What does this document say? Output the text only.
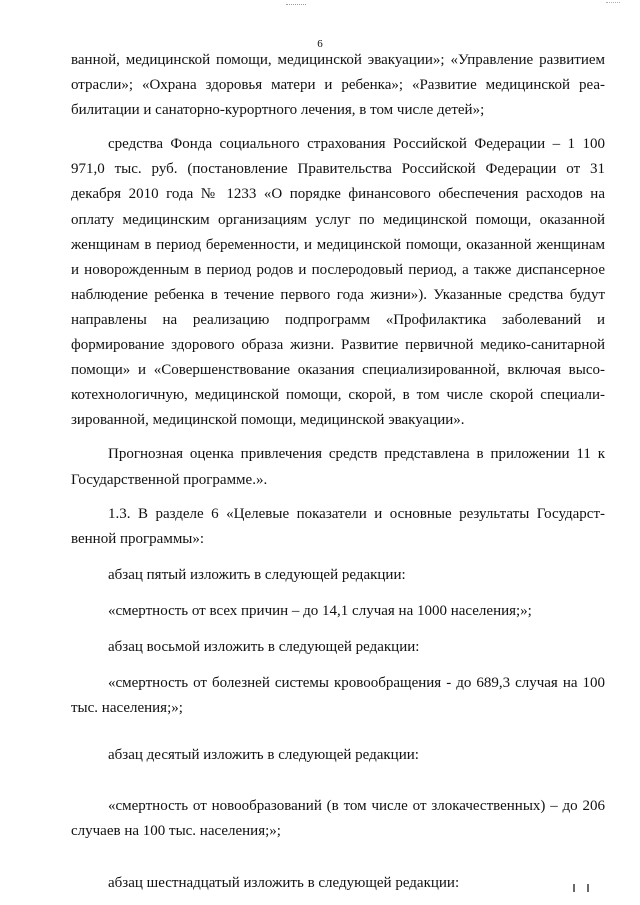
6

ванной, медицинской помощи, медицинской эвакуации»; «Управление развитием отрасли»; «Охрана здоровья матери и ребенка»; «Развитие медицинской реабилитации и санаторно-курортного лечения, в том числе детей»;

средства Фонда социального страхования Российской Федерации – 1 100 971,0 тыс. руб. (постановление Правительства Российской Федерации от 31 декабря 2010 года № 1233 «О порядке финансового обеспечения расходов на оплату медицинским организациям услуг по медицинской помощи, оказанной женщинам в период беременности, и медицинской помощи, оказанной женщинам и новорожденным в период родов и послеродовый период, а также диспансерное наблюдение ребенка в течение первого года жизни»). Указанные средства будут направлены на реализацию подпрограмм «Профилактика заболеваний и формирование здорового образа жизни. Развитие первичной медико-санитарной помощи» и «Совершенствование оказания специализированной, включая высокотехнологичную, медицинской помощи, скорой, в том числе скорой специализированной, медицинской помощи, медицинской эвакуации».

Прогнозная оценка привлечения средств представлена в приложении 11 к Государственной программе.».

1.3. В разделе 6 «Целевые показатели и основные результаты Государственной программы»:

абзац пятый изложить в следующей редакции:

«смертность от всех причин – до 14,1 случая на 1000 населения;»;

абзац восьмой изложить в следующей редакции:

«смертность от болезней системы кровообращения - до 689,3 случая на 100 тыс. населения;»;

абзац десятый изложить в следующей редакции:

«смертность от новообразований (в том числе от злокачественных) – до 206 случаев на 100 тыс. населения;»;

абзац шестнадцатый изложить в следующей редакции:
